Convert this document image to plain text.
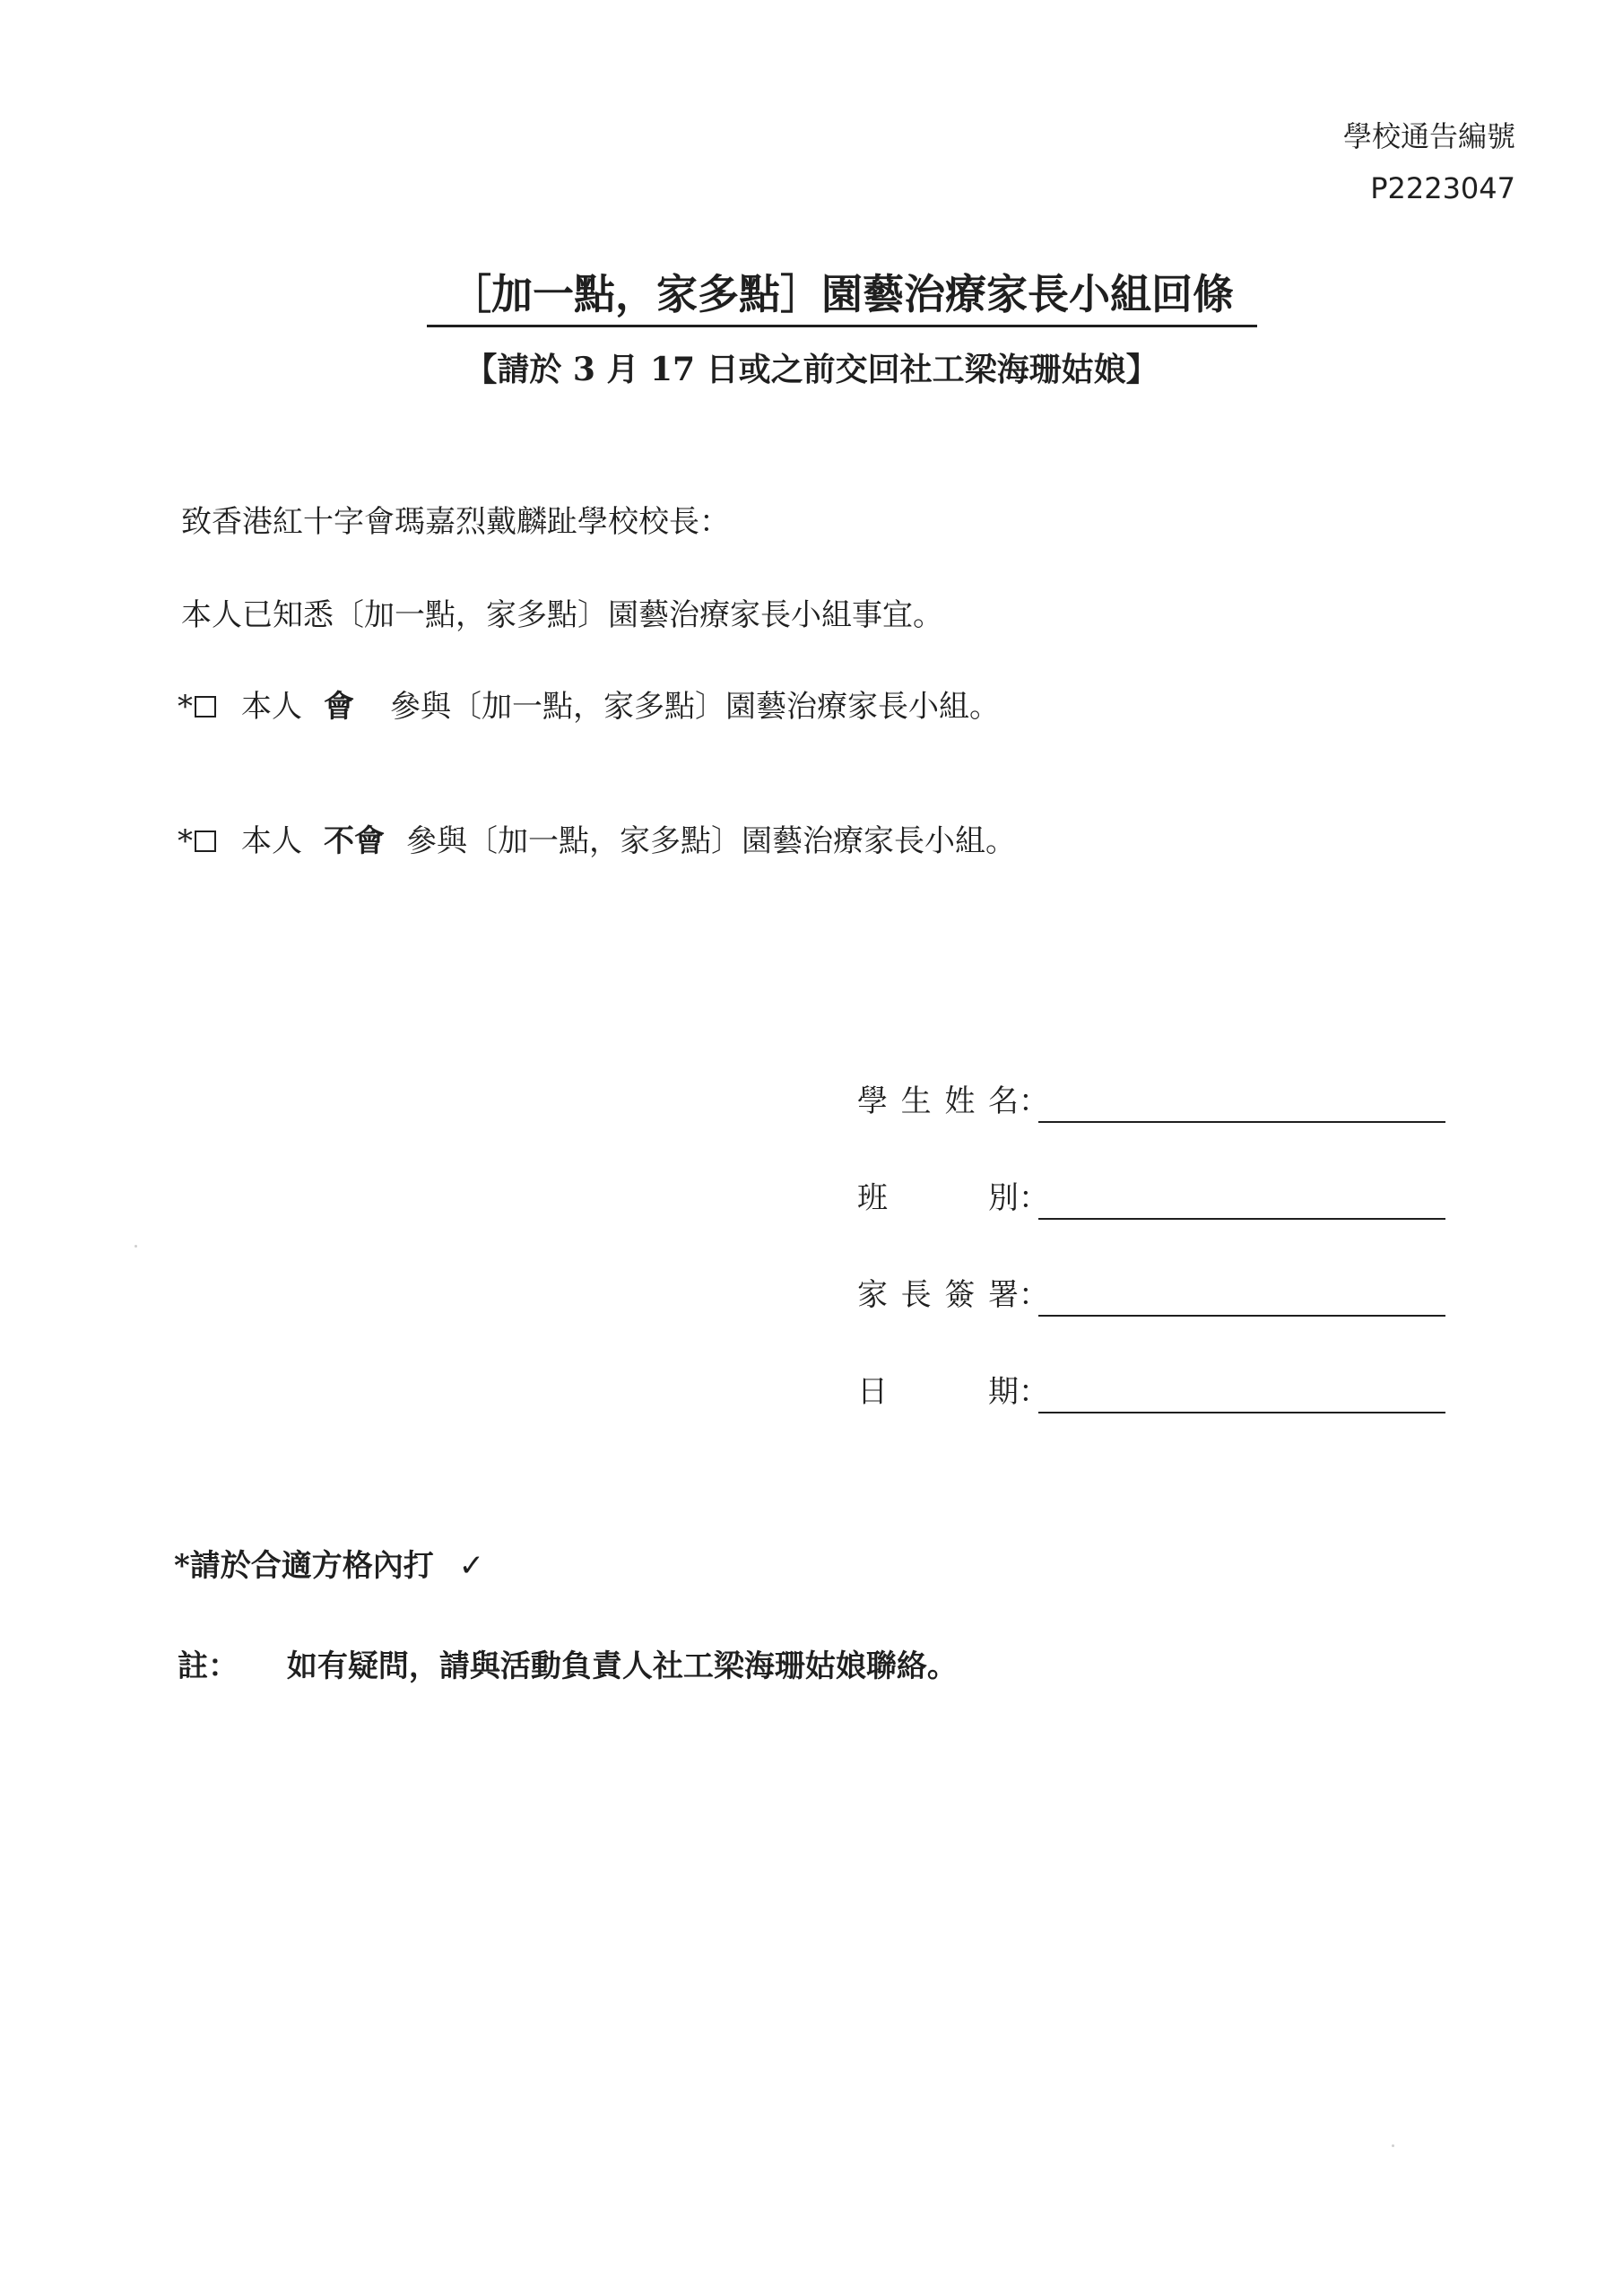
學校通告編號
P2223047
［加一點，家多點］園藝治療家長小組回條
【請於 3 月 17 日或之前交回社工梁海珊姑娘】
致香港紅十字會瑪嘉烈戴麟趾學校校長：
本人已知悉〔加一點，家多點〕園藝治療家長小組事宜。
* 本人 會 參與〔加一點，家多點〕園藝治療家長小組。
* 本人 不會 參與〔加一點，家多點〕園藝治療家長小組。
學生姓名 ：
班　　別 ：
家長簽署 ：
日　　期 ：
*請於合適方格內打 ✓
註： 如有疑問，請與活動負責人社工梁海珊姑娘聯絡。
